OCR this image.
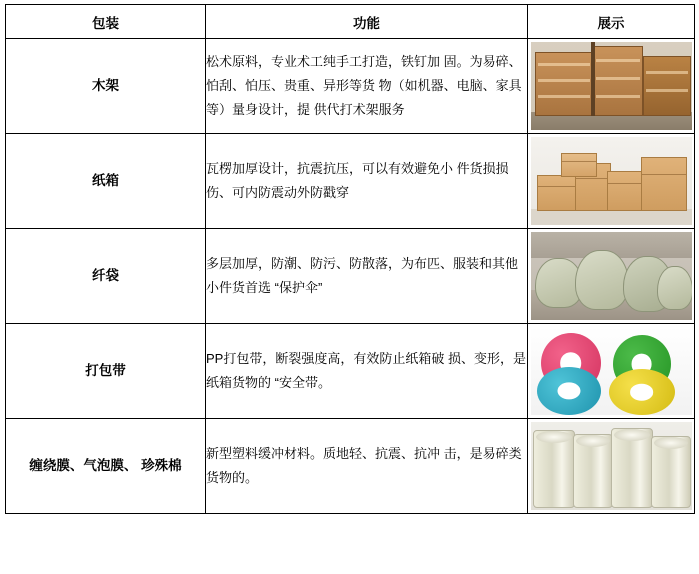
包装	功能	展示
木架	松术原料，专业术工纯手工打造，铁钉加 固。为易碎、怕刮、怕压、贵重、异形等货 物（如机器、电脑、家具等）量身设计，提 供代打术架服务	

纸箱	瓦楞加厚设计，抗震抗压，可以有效避免小 件货损损伤、可内防震动外防戳穿	

纤袋	多层加厚，防潮、防污、防散落，为布匹、服装和其他小件货首选 “保护伞”	

打包带	PP打包带，断裂强度高，有效防止纸箱破 损、变形，是纸箱货物的 “安全带。	

缠绕膜、气泡膜、 珍殊棉	新型塑料缓冲材料。质地轻、抗震、抗冲 击，是易碎类货物的。	
